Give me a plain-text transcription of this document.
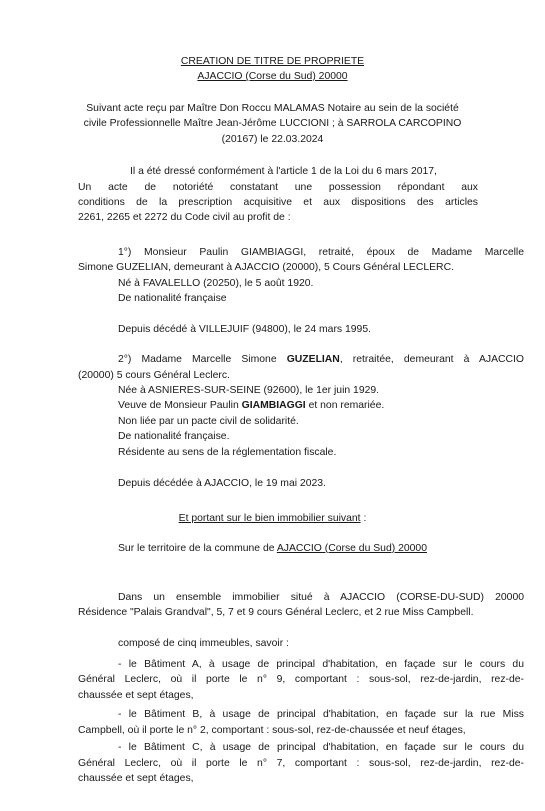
CREATION DE TITRE DE PROPRIETE
AJACCIO (Corse du Sud) 20000
Suivant acte reçu par Maître Don Roccu MALAMAS Notaire au sein de la société
civile Professionnelle Maître Jean-Jérôme LUCCIONI ; à SARROLA CARCOPINO
(20167) le 22.03.2024
Il a été dressé conformément à l'article 1 de la Loi du 6 mars 2017,
Un acte de notoriété constatant une possession répondant aux
conditions de la prescription acquisitive et aux dispositions des articles
2261, 2265 et 2272 du Code civil au profit de :
1°) Monsieur Paulin GIAMBIAGGI, retraité, époux de Madame Marcelle
Simone GUZELIAN, demeurant à AJACCIO (20000), 5 Cours Général LECLERC.
Né à FAVALELLO (20250), le 5 août 1920.
De nationalité française
Depuis décédé à VILLEJUIF (94800), le 24 mars 1995.
2°) Madame Marcelle Simone GUZELIAN, retraitée, demeurant à AJACCIO
(20000) 5 cours Général Leclerc.
Née à ASNIERES-SUR-SEINE (92600), le 1er juin 1929.
Veuve de Monsieur Paulin GIAMBIAGGI et non remariée.
Non liée par un pacte civil de solidarité.
De nationalité française.
Résidente au sens de la réglementation fiscale.
Depuis décédée à AJACCIO, le 19 mai 2023.
Et portant sur le bien immobilier suivant :
Sur le territoire de la commune de AJACCIO (Corse du Sud) 20000
Dans un ensemble immobilier situé à AJACCIO (CORSE-DU-SUD) 20000
Résidence "Palais Grandval", 5, 7 et 9 cours Général Leclerc, et 2 rue Miss Campbell.
composé de cinq immeubles, savoir :
- le Bâtiment A, à usage de principal d'habitation, en façade sur le cours du
Général Leclerc, où il porte le n° 9, comportant : sous-sol, rez-de-jardin, rez-de-
chaussée et sept étages,
- le Bâtiment B, à usage de principal d'habitation, en façade sur la rue Miss
Campbell, où il porte le n° 2, comportant : sous-sol, rez-de-chaussée et neuf étages,
- le Bâtiment C, à usage de principal d'habitation, en façade sur le cours du
Général Leclerc, où il porte le n° 7, comportant : sous-sol, rez-de-jardin, rez-de-
chaussée et sept étages,
